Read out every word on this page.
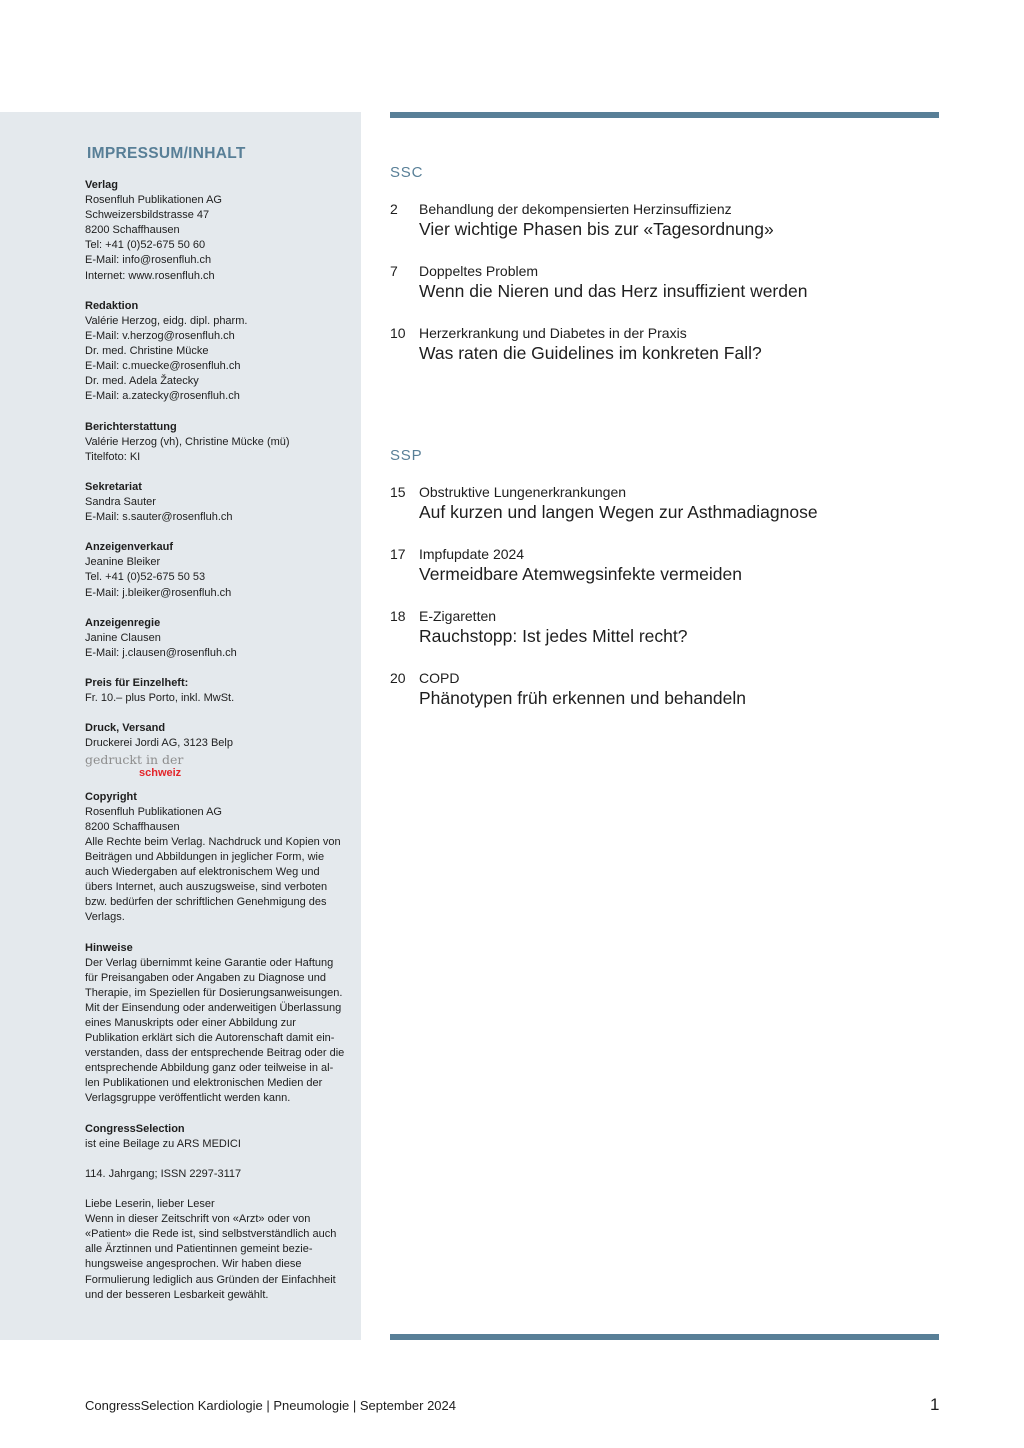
IMPRESSUM/INHALT

Verlag
Rosenfluh Publikationen AG
Schweizersbildstrasse 47
8200 Schaffhausen
Tel: +41 (0)52-675 50 60
E-Mail: info@rosenfluh.ch
Internet: www.rosenfluh.ch

Redaktion
Valérie Herzog, eidg. dipl. pharm.
E-Mail: v.herzog@rosenfluh.ch
Dr. med. Christine Mücke
E-Mail: c.muecke@rosenfluh.ch
Dr. med. Adela Žatecky
E-Mail: a.zatecky@rosenfluh.ch

Berichterstattung
Valérie Herzog (vh), Christine Mücke (mü)
Titelfoto: KI

Sekretariat
Sandra Sauter
E-Mail: s.sauter@rosenfluh.ch

Anzeigenverkauf
Jeanine Bleiker
Tel. +41 (0)52-675 50 53
E-Mail: j.bleiker@rosenfluh.ch

Anzeigenregie
Janine Clausen
E-Mail: j.clausen@rosenfluh.ch

Preis für Einzelheft:
Fr. 10.– plus Porto, inkl. MwSt.

Druck, Versand
Druckerei Jordi AG, 3123 Belp
gedruckt in der
schweiz

Copyright
Rosenfluh Publikationen AG
8200 Schaffhausen
Alle Rechte beim Verlag. Nachdruck und Kopien von
Beiträgen und Abbildungen in jeglicher Form, wie
auch Wiedergaben auf elektronischem Weg und
übers Internet, auch auszugsweise, sind verboten
bzw. bedürfen der schriftlichen Genehmigung des
Verlags.

Hinweise
Der Verlag übernimmt keine Garantie oder Haftung
für Preisangaben oder Angaben zu Diagnose und
Therapie, im Speziellen für Dosierungsanweisungen.
Mit der Einsendung oder anderweitigen Überlassung
eines Manuskripts oder einer Abbildung zur
Publikation erklärt sich die Autorenschaft damit ein-
verstanden, dass der entsprechende Beitrag oder die
entsprechende Abbildung ganz oder teilweise in al-
len Publikationen und elektronischen Medien der
Verlagsgruppe veröffentlicht werden kann.

CongressSelection
ist eine Beilage zu ARS MEDICI

114. Jahrgang; ISSN 2297-3117

Liebe Leserin, lieber Leser
Wenn in dieser Zeitschrift von «Arzt» oder von
«Patient» die Rede ist, sind selbstverständlich auch
alle Ärztinnen und Patientinnen gemeint bezie-
hungsweise angesprochen. Wir haben diese
Formulierung lediglich aus Gründen der Einfachheit
und der besseren Lesbarkeit gewählt.

SSC
2 Behandlung der dekompensierten Herzinsuffizienz
Vier wichtige Phasen bis zur «Tagesordnung»
7 Doppeltes Problem
Wenn die Nieren und das Herz insuffizient werden
10 Herzerkrankung und Diabetes in der Praxis
Was raten die Guidelines im konkreten Fall?
SSP
15 Obstruktive Lungenerkrankungen
Auf kurzen und langen Wegen zur Asthmadiagnose
17 Impfupdate 2024
Vermeidbare Atemwegsinfekte vermeiden
18 E-Zigaretten
Rauchstopp: Ist jedes Mittel recht?
20 COPD
Phänotypen früh erkennen und behandeln
CongressSelection Kardiologie | Pneumologie | September 2024	1
